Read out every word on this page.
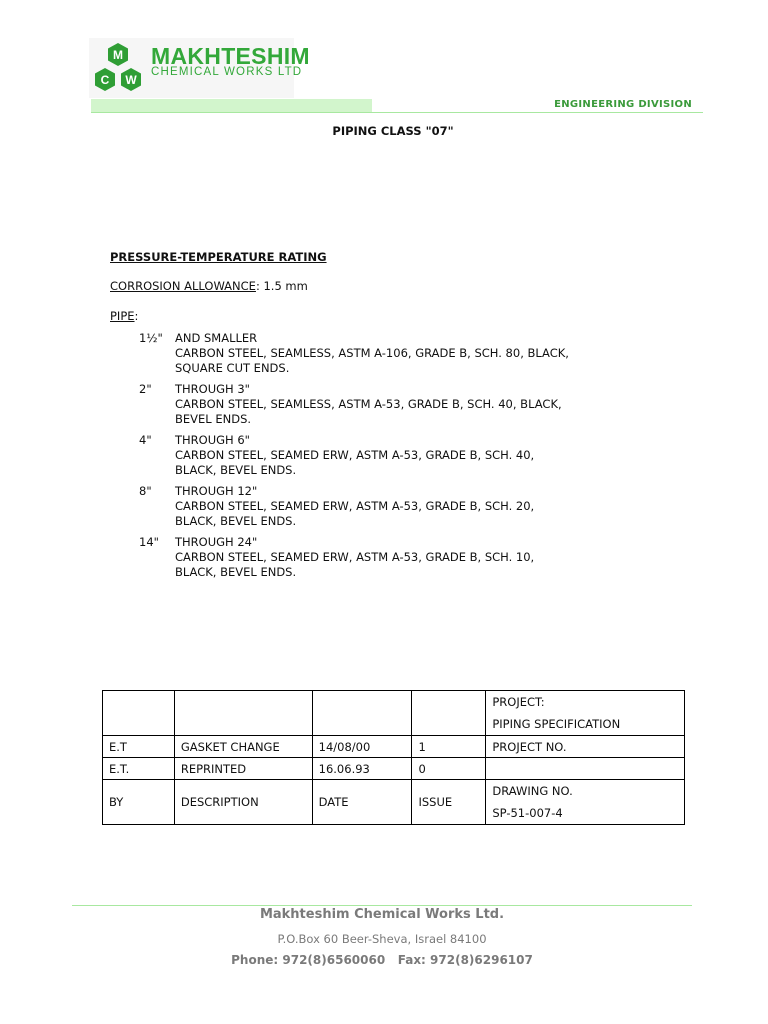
M
C W
MAKHTESHIM
CHEMICAL WORKS LTD
ENGINEERING DIVISION
PIPING CLASS "07"
PRESSURE-TEMPERATURE RATING
CORROSION ALLOWANCE: 1.5 mm
PIPE:
1½" AND SMALLER
CARBON STEEL, SEAMLESS, ASTM A-106, GRADE B, SCH. 80, BLACK,
SQUARE CUT ENDS.
2" THROUGH 3"
CARBON STEEL, SEAMLESS, ASTM A-53, GRADE B, SCH. 40, BLACK,
BEVEL ENDS.
4" THROUGH 6"
CARBON STEEL, SEAMED ERW, ASTM A-53, GRADE B, SCH. 40,
BLACK, BEVEL ENDS.
8" THROUGH 12"
CARBON STEEL, SEAMED ERW, ASTM A-53, GRADE B, SCH. 20,
BLACK, BEVEL ENDS.
14" THROUGH 24"
CARBON STEEL, SEAMED ERW, ASTM A-53, GRADE B, SCH. 10,
BLACK, BEVEL ENDS.

				PROJECT:
PIPING SPECIFICATION

E.T	GASKET CHANGE	14/08/00	1	PROJECT NO.
E.T.	REPRINTED	16.06.93	0	
BY	DESCRIPTION	DATE	ISSUE	DRAWING NO.
SP-51-007-4
Makhteshim Chemical Works Ltd.
P.O.Box 60 Beer-Sheva, Israel 84100
Phone: 972(8)6560060   Fax: 972(8)6296107
